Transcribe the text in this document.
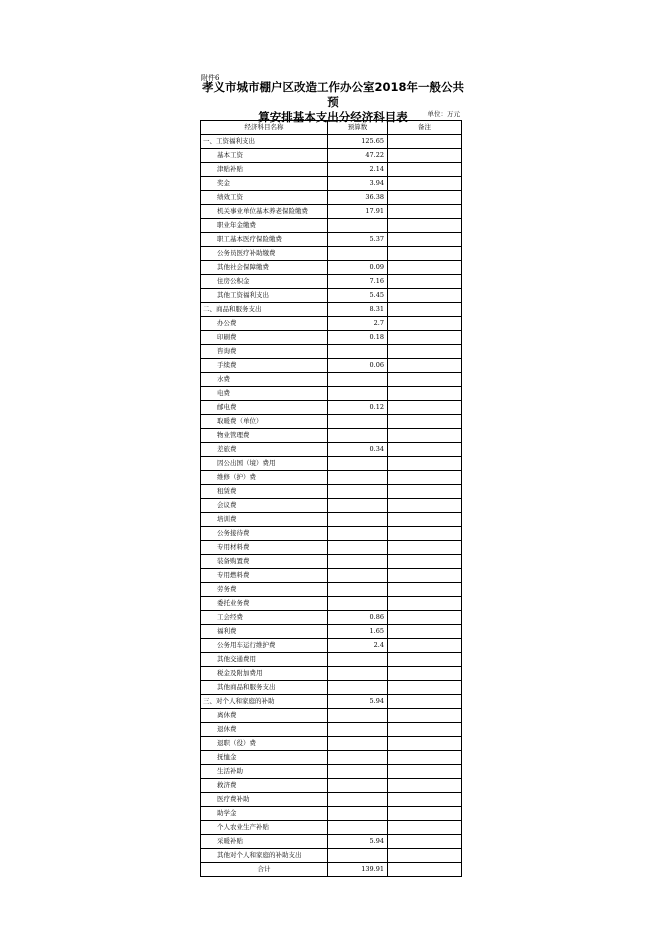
附件6
孝义市城市棚户区改造工作办公室2018年一般公共预
算安排基本支出分经济科目表	单位：万元
经济科目名称	预算数	备注
一、工资福利支出	125.65	
基本工资	47.22	
津贴补贴	2.14	
奖金	3.94	
绩效工资	36.38	
机关事业单位基本养老保险缴费	17.91	
职业年金缴费		
职工基本医疗保险缴费	5.37	
公务员医疗补助缴费		
其他社会保障缴费	0.09	
住房公积金	7.16	
其他工资福利支出	5.45	
二、商品和服务支出	8.31	
办公费	2.7	
印刷费	0.18	
咨询费		
手续费	0.06	
水费		
电费		
邮电费	0.12	
取暖费（单位）		
物业管理费		
差旅费	0.34	
因公出国（境）费用		
维修（护）费		
租赁费		
会议费		
培训费		
公务接待费		
专用材料费		
装备购置费		
专用燃料费		
劳务费		
委托业务费		
工会经费	0.86	
福利费	1.65	
公务用车运行维护费	2.4	
其他交通费用		
税金及附加费用		
其他商品和服务支出		
三、对个人和家庭的补助	5.94	
离休费		
退休费		
退职（役）费		
抚恤金		
生活补助		
救济费		
医疗费补助		
助学金		
个人农业生产补贴		
采暖补贴	5.94	
其他对个人和家庭的补助支出		
合计	139.91	
